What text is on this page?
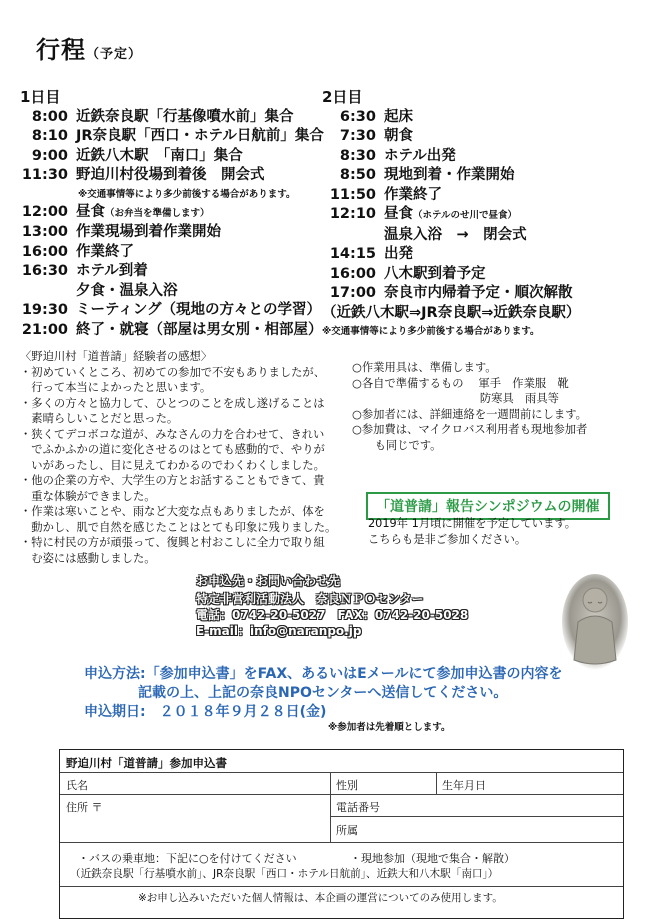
行程（予定）
1日目
8:00 近鉄奈良駅「行基像噴水前」集合
8:10 JR奈良駅「西口・ホテル日航前」集合
9:00 近鉄八木駅　「南口」集合
11:30 野迫川村役場到着後　開会式
※交通事情等により多少前後する場合があります。
12:00 昼食（お弁当を準備します）
13:00 作業現場到着作業開始
16:00 作業終了
16:30 ホテル到着
夕食・温泉入浴
19:30 ミーティング（現地の方々との学習）
21:00 終了・就寝（部屋は男女別・相部屋）
2日目
6:30 起床
7:30 朝食
8:30 ホテル出発
8:50 現地到着・作業開始
11:50 作業終了
12:10 昼食（ホテルのせ川で昼食）
温泉入浴　→　閉会式
14:15 出発
16:00 八木駅到着予定
17:00 奈良市内帰着予定・順次解散
（近鉄八木駅⇒JR奈良駅⇒近鉄奈良駅）
※交通事情等により多少前後する場合があります。
〈野迫川村「道普請」経験者の感想〉
・初めていくところ、初めての参加で不安もありましたが、
　行って本当によかったと思います。
・多くの方々と協力して、ひとつのことを成し遂げることは
　素晴らしいことだと思った。
・狭くてデコボコな道が、みなさんの力を合わせて、きれい
　でふかふかの道に変化させるのはとても感動的で、やりが
　いがあったし、目に見えてわかるのでわくわくしました。
・他の企業の方や、大学生の方とお話することもできて、貴
　重な体験ができました。
・作業は寒いことや、雨など大変な点もありましたが、体を
　動かし、肌で自然を感じたことはとても印象に残りました。
・特に村民の方が頑張って、復興と村おこしに全力で取り組
　む姿には感動しました。
○作業用具は、準備します。
○各自で準備するもの　 軍手　作業服　靴
　　　　　　　　　　　 防寒具　雨具等
○参加者には、詳細連絡を一週間前にします。
○参加費は、マイクロバス利用者も現地参加者
　　も同じです。
「道普請」報告シンポジウムの開催
2019年 1月頃に開催を予定しています。
こちらも是非ご参加ください。
お申込先・お問い合わせ先
特定非営利活動法人　奈良ＮＰＯセンター
電話：0742-20-5027　FAX：0742-20-5028
E-mail：info@naranpo.jp
申込方法:「参加申込書」をFAX、あるいはEメールにて参加申込書の内容を
記載の上、上記の奈良NPOセンターへ送信してください。
申込期日:　 ２０１８年９月２８日(金)
※参加者は先着順とします。
野迫川村「道普請」参加申込書
氏名	性別	生年月日
住所 〒	電話番号
所属
・バスの乗車地：下記に○を付けてください	・現地参加（現地で集合・解散）
（近鉄奈良駅「行基噴水前」、JR奈良駅「西口・ホテル日航前」、近鉄大和八木駅「南口」）
※お申し込みいただいた個人情報は、本企画の運営についてのみ使用します。
